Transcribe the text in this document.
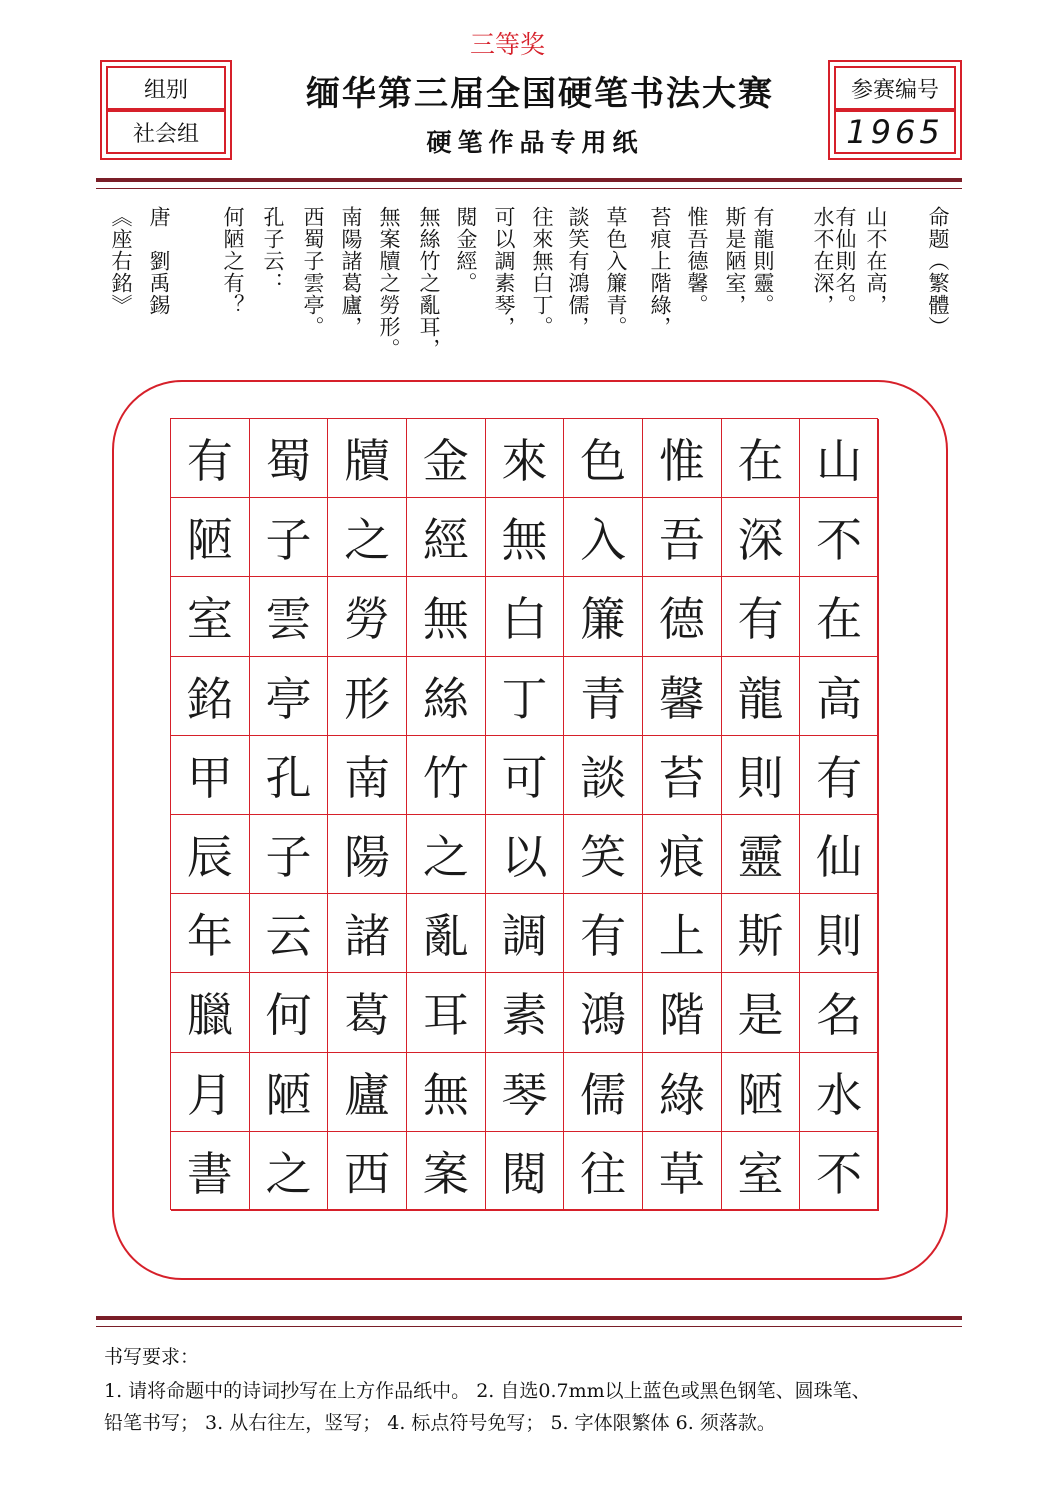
三等奖
组别
社会组
缅华第三届全国硬笔书法大赛
硬笔作品专用纸
参赛编号
1965
命题（繁體）
山不在高，
有仙則名。
水不在深，
有龍則靈。
斯是陋室，
惟吾德馨。
苔痕上階綠，
草色入簾青。
談笑有鴻儒，
往來無白丁。
可以調素琴，
閱金經。
無絲竹之亂耳，
無案牘之勞形。
南陽諸葛廬，
西蜀子雲亭。
孔子云：
何陋之有？
唐　劉禹錫
《座右銘》
山
不
在
高
有
仙
則
名
水
不
在
深
有
龍
則
靈
斯
是
陋
室
惟
吾
德
馨
苔
痕
上
階
綠
草
色
入
簾
青
談
笑
有
鴻
儒
往
來
無
白
丁
可
以
調
素
琴
閱
金
經
無
絲
竹
之
亂
耳
無
案
牘
之
勞
形
南
陽
諸
葛
廬
西
蜀
子
雲
亭
孔
子
云
何
陋
之
有
陋
室
銘
甲
辰
年
臘
月
書
书写要求：
1. 请将命题中的诗词抄写在上方作品纸中。 2. 自选0.7mm以上蓝色或黑色钢笔、圆珠笔、
铅笔书写； 3. 从右往左，竖写； 4. 标点符号免写； 5. 字体限繁体 6. 须落款。
